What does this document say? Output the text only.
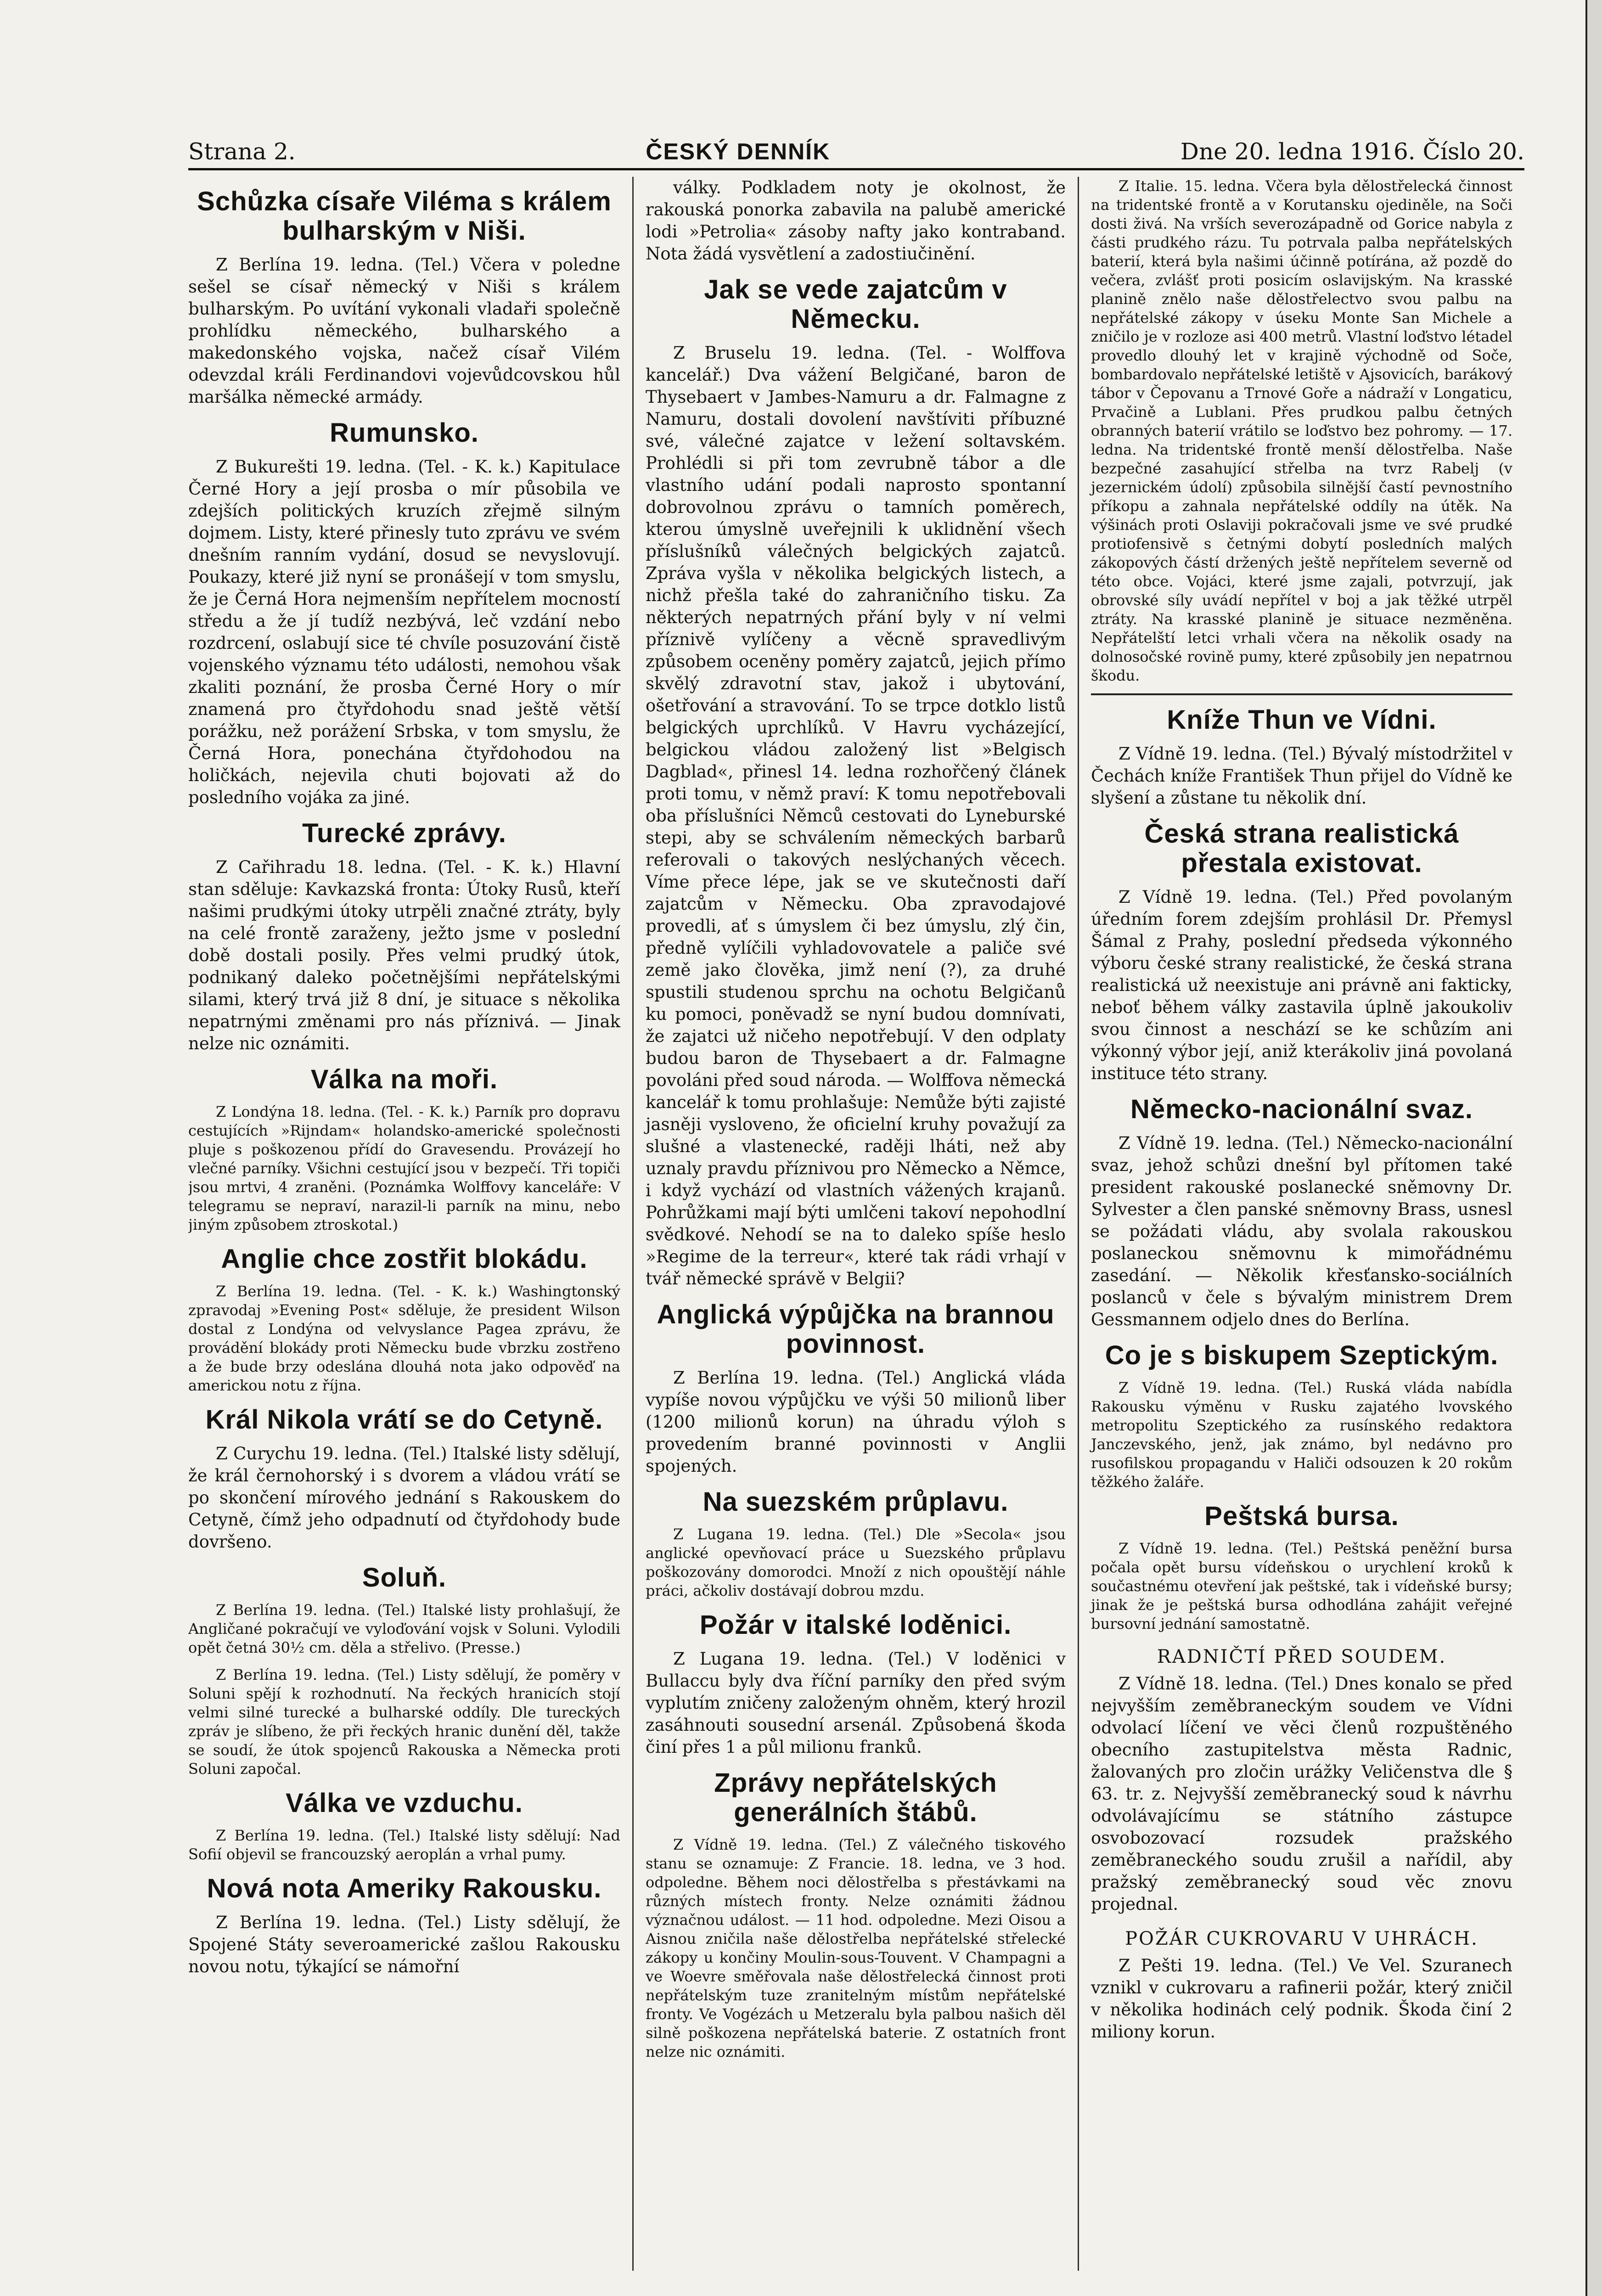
Strana 2.	ČESKÝ DENNÍK	Dne 20. ledna 1916. Číslo 20.
Schůzka císaře Viléma s králem bulharským v Niši.

Z Berlína 19. ledna. (Tel.) Včera v poledne sešel se císař německý v Niši s králem bulharským. Po uvítání vykonali vladaři společně prohlídku německého, bulharského a makedonského vojska, načež císař Vilém odevzdal králi Ferdinandovi vojevůdcovskou hůl maršálka německé armády.

Rumunsko.

Z Bukurešti 19. ledna. (Tel. - K. k.) Kapitulace Černé Hory a její prosba o mír působila ve zdejších politických kruzích zřejmě silným dojmem. Listy, které přinesly tuto zprávu ve svém dnešním ranním vydání, dosud se nevyslovují. Poukazy, které již nyní se pronášejí v tom smyslu, že je Černá Hora nejmenším nepřítelem mocností středu a že jí tudíž nezbývá, leč vzdání nebo rozdrcení, oslabují sice té chvíle posuzování čistě vojenského významu této události, nemohou však zkaliti poznání, že prosba Černé Hory o mír znamená pro čtyřdohodu snad ještě větší porážku, než porážení Srbska, v tom smyslu, že Černá Hora, ponechána čtyřdohodou na holičkách, nejevila chuti bojovati až do posledního vojáka za jiné.

Turecké zprávy.

Z Cařihradu 18. ledna. (Tel. - K. k.) Hlavní stan sděluje: Kavkazská fronta: Útoky Rusů, kteří našimi prudkými útoky utrpěli značné ztráty, byly na celé frontě zaraženy, ježto jsme v poslední době dostali posily. Přes velmi prudký útok, podnikaný daleko početnějšími nepřátelskými silami, který trvá již 8 dní, je situace s několika nepatrnými změnami pro nás příznivá. — Jinak nelze nic oznámiti.

Válka na moři.

Z Londýna 18. ledna. (Tel. - K. k.) Parník pro dopravu cestujících »Rijndam« holandsko-americké společnosti pluje s poškozenou přídí do Gravesendu. Provázejí ho vlečné parníky. Všichni cestující jsou v bezpečí. Tři topiči jsou mrtvi, 4 zraněni. (Poznámka Wolffovy kanceláře: V telegramu se nepraví, narazil-li parník na minu, nebo jiným způsobem ztroskotal.)

Anglie chce zostřit blokádu.

Z Berlína 19. ledna. (Tel. - K. k.) Washingtonský zpravodaj »Evening Post« sděluje, že president Wilson dostal z Londýna od velvyslance Pagea zprávu, že provádění blokády proti Německu bude vbrzku zostřeno a že bude brzy odeslána dlouhá nota jako odpověď na americkou notu z října.

Král Nikola vrátí se do Cetyně.

Z Curychu 19. ledna. (Tel.) Italské listy sdělují, že král černohorský i s dvorem a vládou vrátí se po skončení mírového jednání s Rakouskem do Cetyně, čímž jeho odpadnutí od čtyřdohody bude dovršeno.

Soluň.

Z Berlína 19. ledna. (Tel.) Italské listy prohlašují, že Angličané pokračují ve vyloďování vojsk v Soluni. Vylodili opět četná 30½ cm. děla a střelivo. (Presse.)

Z Berlína 19. ledna. (Tel.) Listy sdělují, že poměry v Soluni spějí k rozhodnutí. Na řeckých hranicích stojí velmi silné turecké a bulharské oddíly. Dle tureckých zpráv je slíbeno, že při řeckých hranic dunění děl, takže se soudí, že útok spojenců Rakouska a Německa proti Soluni započal.

Válka ve vzduchu.

Z Berlína 19. ledna. (Tel.) Italské listy sdělují: Nad Sofií objevil se francouzský aeroplán a vrhal pumy.

Nová nota Ameriky Rakousku.

Z Berlína 19. ledna. (Tel.) Listy sdělují, že Spojené Státy severoamerické zašlou Rakousku novou notu, týkající se námořní

války. Podkladem noty je okolnost, že rakouská ponorka zabavila na palubě americké lodi »Petrolia« zásoby nafty jako kontraband. Nota žádá vysvětlení a zadostiučinění.

Jak se vede zajatcům v Německu.

Z Bruselu 19. ledna. (Tel. - Wolffova kancelář.) Dva vážení Belgičané, baron de Thysebaert v Jambes-Namuru a dr. Falmagne z Namuru, dostali dovolení navštíviti příbuzné své, válečné zajatce v ležení soltavském. Prohlédli si při tom zevrubně tábor a dle vlastního udání podali naprosto spontanní dobrovolnou zprávu o tamních poměrech, kterou úmyslně uveřejnili k uklidnění všech příslušníků válečných belgických zajatců. Zpráva vyšla v několika belgických listech, a nichž přešla také do zahraničního tisku. Za některých nepatrných přání byly v ní velmi příznivě vylíčeny a věcně spravedlivým způsobem oceněny poměry zajatců, jejich přímo skvělý zdravotní stav, jakož i ubytování, ošetřování a stravování. To se trpce dotklo listů belgických uprchlíků. V Havru vycházející, belgickou vládou založený list »Belgisch Dagblad«, přinesl 14. ledna rozhořčený článek proti tomu, v němž praví: K tomu nepotřebovali oba příslušníci Němců cestovati do Lyneburské stepi, aby se schválením německých barbarů referovali o takových neslýchaných věcech. Víme přece lépe, jak se ve skutečnosti daří zajatcům v Německu. Oba zpravodajové provedli, ať s úmyslem či bez úmyslu, zlý čin, předně vylíčili vyhladovovatele a paliče své země jako člověka, jimž není (?), za druhé spustili studenou sprchu na ochotu Belgičanů ku pomoci, poněvadž se nyní budou domnívati, že zajatci už ničeho nepotřebují. V den odplaty budou baron de Thysebaert a dr. Falmagne povoláni před soud národa. — Wolffova německá kancelář k tomu prohlašuje: Nemůže býti zajisté jasněji vysloveno, že oficielní kruhy považují za slušné a vlastenecké, raději lháti, než aby uznaly pravdu příznivou pro Německo a Němce, i když vychází od vlastních vážených krajanů. Pohrůžkami mají býti umlčeni takoví nepohodlní svědkové. Nehodí se na to daleko spíše heslo »Regime de la terreur«, které tak rádi vrhají v tvář německé správě v Belgii?

Anglická výpůjčka na brannou povinnost.

Z Berlína 19. ledna. (Tel.) Anglická vláda vypíše novou výpůjčku ve výši 50 milionů liber (1200 milionů korun) na úhradu výloh s provedením branné povinnosti v Anglii spojených.

Na suezském průplavu.

Z Lugana 19. ledna. (Tel.) Dle »Secola« jsou anglické opevňovací práce u Suezského průplavu poškozovány domorodci. Množí z nich opouštějí náhle práci, ačkoliv dostávají dobrou mzdu.

Požár v italské loděnici.

Z Lugana 19. ledna. (Tel.) V loděnici v Bullaccu byly dva říční parníky den před svým vyplutím zničeny založeným ohněm, který hrozil zasáhnouti sousední arsenál. Způsobená škoda činí přes 1 a půl milionu franků.

Zprávy nepřátelských generálních štábů.

Z Vídně 19. ledna. (Tel.) Z válečného tiskového stanu se oznamuje: Z Francie. 18. ledna, ve 3 hod. odpoledne. Během noci dělostřelba s přestávkami na různých místech fronty. Nelze oznámiti žádnou význačnou událost. — 11 hod. odpoledne. Mezi Oisou a Aisnou zničila naše dělostřelba nepřátelské střelecké zákopy u končiny Moulin-sous-Touvent. V Champagni a ve Woevre směřovala naše dělostřelecká činnost proti nepřátelským tuze zranitelným místům nepřátelské fronty. Ve Vogézách u Metzeralu byla palbou našich děl silně poškozena nepřátelská baterie. Z ostatních front nelze nic oznámiti.

Z Italie. 15. ledna. Včera byla dělostřelecká činnost na tridentské frontě a v Korutansku ojediněle, na Soči dosti živá. Na vrších severozápadně od Gorice nabyla z části prudkého rázu. Tu potrvala palba nepřátelských baterií, která byla našimi účinně potírána, až pozdě do večera, zvlášť proti posicím oslavijským. Na krasské planině znělo naše dělostřelectvo svou palbu na nepřátelské zákopy v úseku Monte San Michele a zničilo je v rozloze asi 400 metrů. Vlastní loďstvo létadel provedlo dlouhý let v krajině východně od Soče, bombardovalo nepřátelské letiště v Ajsovicích, barákový tábor v Čepovanu a Trnové Goře a nádraží v Longaticu, Prvačině a Lublani. Přes prudkou palbu četných obranných baterií vrátilo se loďstvo bez pohromy. — 17. ledna. Na tridentské frontě menší dělostřelba. Naše bezpečné zasahující střelba na tvrz Rabelj (v jezernickém údolí) způsobila silnější častí pevnostního příkopu a zahnala nepřátelské oddíly na útěk. Na výšinách proti Oslaviji pokračovali jsme ve své prudké protiofensivě s četnými dobytí posledních malých zákopových částí držených ještě nepřítelem severně od této obce. Vojáci, které jsme zajali, potvrzují, jak obrovské síly uvádí nepřítel v boj a jak těžké utrpěl ztráty. Na krasské planině je situace nezměněna. Nepřátelští letci vrhali včera na několik osady na dolnosočské rovině pumy, které způsobily jen nepatrnou škodu.

Kníže Thun ve Vídni.

Z Vídně 19. ledna. (Tel.) Bývalý místodržitel v Čechách kníže František Thun přijel do Vídně ke slyšení a zůstane tu několik dní.

Česká strana realistická přestala existovat.

Z Vídně 19. ledna. (Tel.) Před povolaným úředním forem zdejším prohlásil Dr. Přemysl Šámal z Prahy, poslední předseda výkonného výboru české strany realistické, že česká strana realistická už neexistuje ani právně ani fakticky, neboť během války zastavila úplně jakoukoliv svou činnost a neschází se ke schůzím ani výkonný výbor její, aniž kterákoliv jiná povolaná instituce této strany.

Německo-nacionální svaz.

Z Vídně 19. ledna. (Tel.) Německo-nacionální svaz, jehož schůzi dnešní byl přítomen také president rakouské poslanecké sněmovny Dr. Sylvester a člen panské sněmovny Brass, usnesl se požádati vládu, aby svolala rakouskou poslaneckou sněmovnu k mimořádnému zasedání. — Několik křesťansko-sociálních poslanců v čele s bývalým ministrem Drem Gessmannem odjelo dnes do Berlína.

Co je s biskupem Szeptickým.

Z Vídně 19. ledna. (Tel.) Ruská vláda nabídla Rakousku výměnu v Rusku zajatého lvovského metropolitu Szeptického za rusínského redaktora Janczevského, jenž, jak známo, byl nedávno pro rusofilskou propagandu v Haliči odsouzen k 20 rokům těžkého žaláře.

Peštská bursa.

Z Vídně 19. ledna. (Tel.) Peštská peněžní bursa počala opět bursu vídeňskou o urychlení kroků k součastnému otevření jak peštské, tak i vídeňské bursy; jinak že je peštská bursa odhodlána zahájit veřejné bursovní jednání samostatně.

RADNIČTÍ PŘED SOUDEM.

Z Vídně 18. ledna. (Tel.) Dnes konalo se před nejvyšším zeměbraneckým soudem ve Vídni odvolací líčení ve věci členů rozpuštěného obecního zastupitelstva města Radnic, žalovaných pro zločin urážky Veličenstva dle § 63. tr. z. Nejvyšší zeměbranecký soud k návrhu odvolávajícímu se státního zástupce osvobozovací rozsudek pražského zeměbraneckého soudu zrušil a nařídil, aby pražský zeměbranecký soud věc znovu projednal.

POŽÁR CUKROVARU V UHRÁCH.

Z Pešti 19. ledna. (Tel.) Ve Vel. Szuranech vznikl v cukrovaru a rafinerii požár, který zničil v několika hodinách celý podnik. Škoda činí 2 miliony korun.
